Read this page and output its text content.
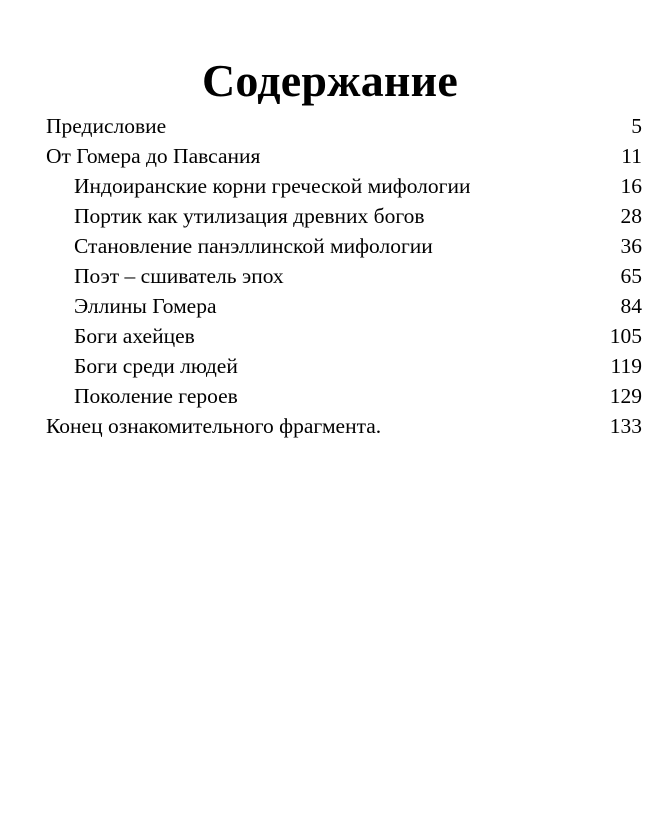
Содержание
Предисловие	5
От Гомера до Павсания	11
Индоиранские корни греческой мифологии	16
Портик как утилизация древних богов	28
Становление панэллинской мифологии	36
Поэт – сшиватель эпох	65
Эллины Гомера	84
Боги ахейцев	105
Боги среди людей	119
Поколение героев	129
Конец ознакомительного фрагмента.	133
